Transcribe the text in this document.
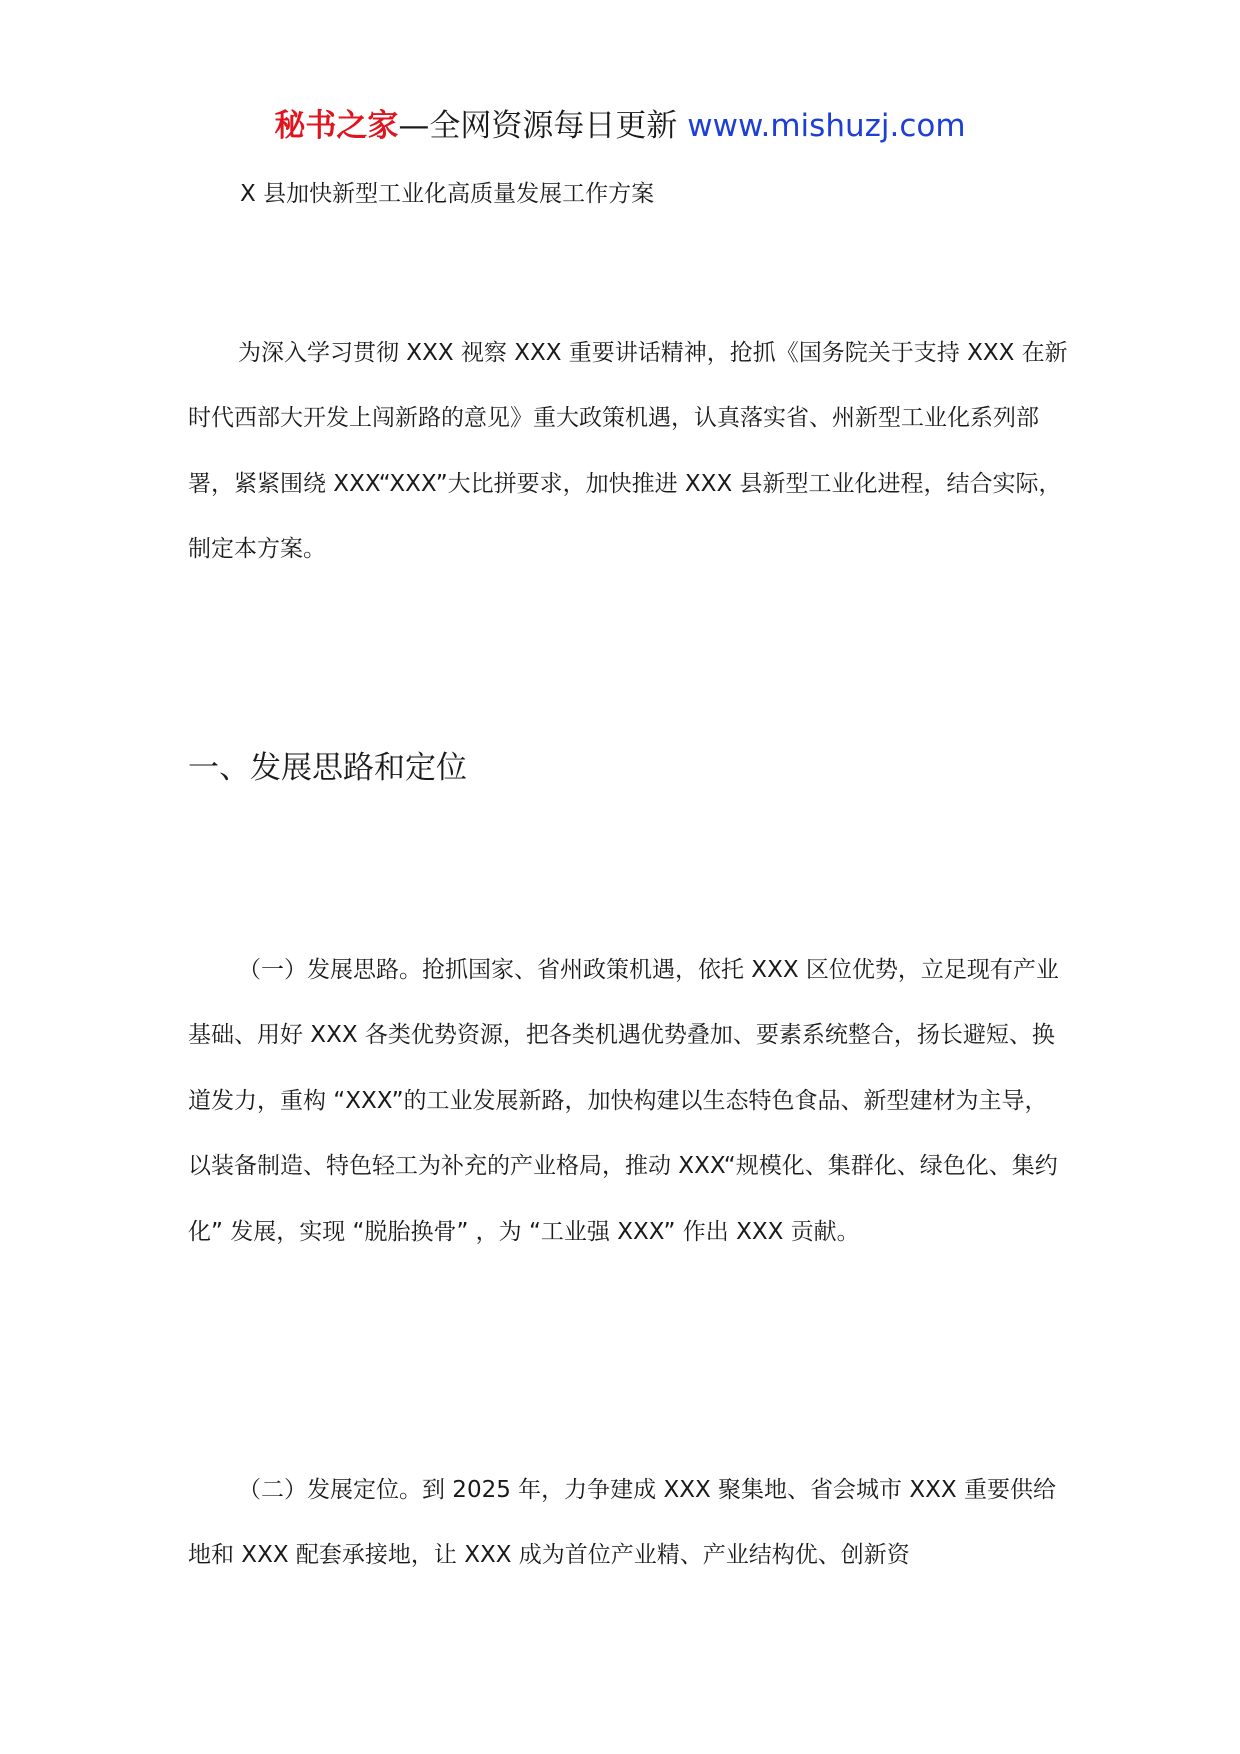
秘书之家—全网资源每日更新 www.mishuzj.com
X 县加快新型工业化高质量发展工作方案

为深入学习贯彻 XXX 视察 XXX 重要讲话精神，抢抓《国务院关于支持 XXX 在新时代西部大开发上闯新路的意见》重大政策机遇，认真落实省、州新型工业化系列部署，紧紧围绕 XXX“XXX”大比拼要求，加快推进 XXX 县新型工业化进程，结合实际，制定本方案。

一、发展思路和定位

（一）发展思路。抢抓国家、省州政策机遇，依托 XXX 区位优势，立足现有产业基础、用好 XXX 各类优势资源，把各类机遇优势叠加、要素系统整合，扬长避短、换道发力，重构 “XXX”的工业发展新路，加快构建以生态特色食品、新型建材为主导，以装备制造、特色轻工为补充的产业格局，推动 XXX“规模化、集群化、绿色化、集约化” 发展，实现 “脱胎换骨” ，为 “工业强 XXX” 作出 XXX 贡献。

（二）发展定位。到 2025 年，力争建成 XXX 聚集地、省会城市 XXX 重要供给地和 XXX 配套承接地，让 XXX 成为首位产业精、产业结构优、创新资
